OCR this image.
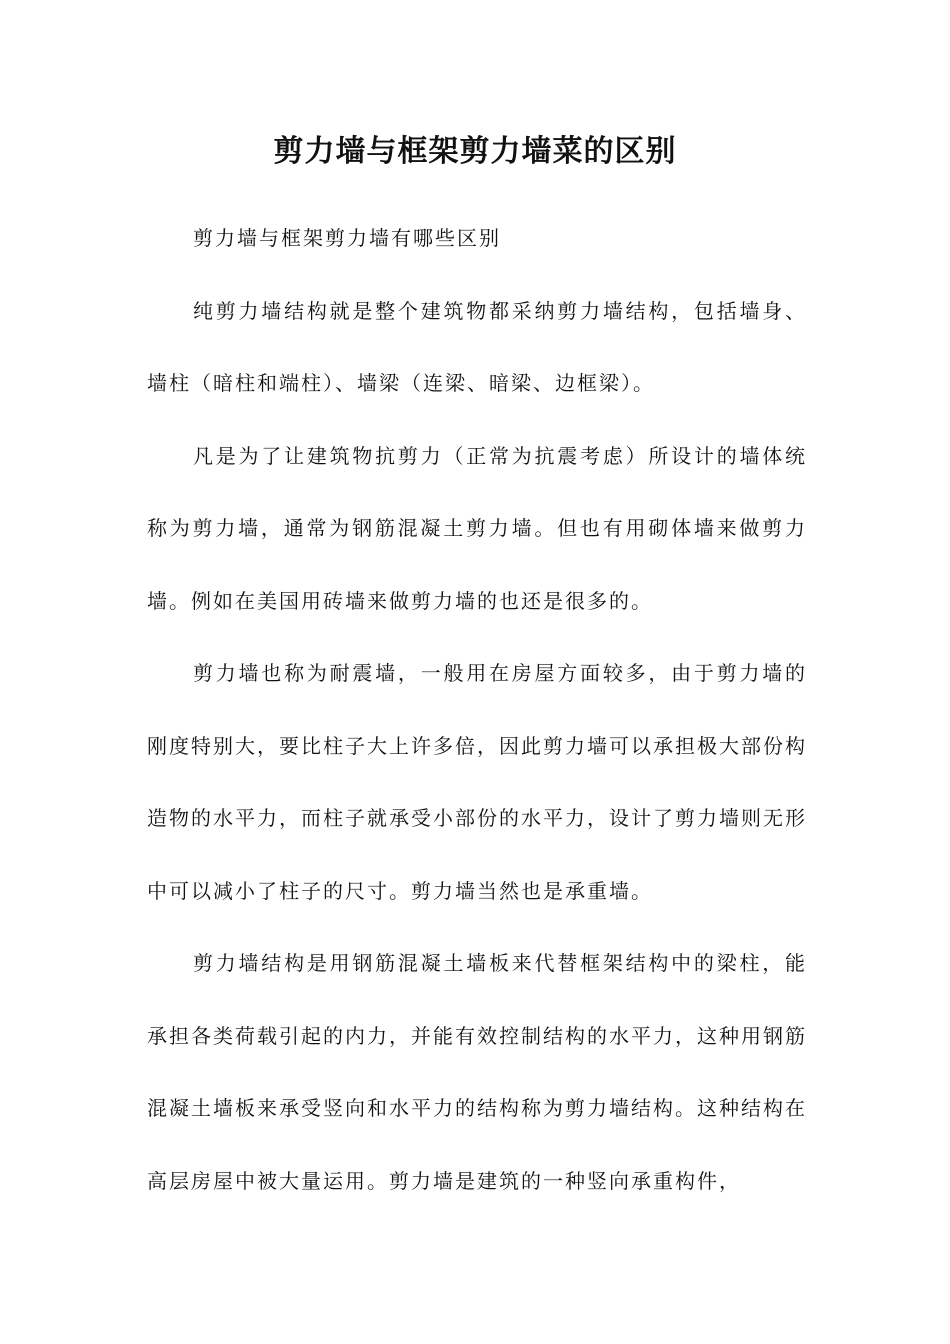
剪力墙与框架剪力墙菜的区别

剪力墙与框架剪力墙有哪些区别

纯剪力墙结构就是整个建筑物都采纳剪力墙结构，包括墙身、墙柱（暗柱和端柱）、墙梁（连梁、暗梁、边框梁）。

凡是为了让建筑物抗剪力（正常为抗震考虑）所设计的墙体统称为剪力墙，通常为钢筋混凝土剪力墙。但也有用砌体墙来做剪力墙。例如在美国用砖墙来做剪力墙的也还是很多的。

剪力墙也称为耐震墙，一般用在房屋方面较多，由于剪力墙的刚度特别大，要比柱子大上许多倍，因此剪力墙可以承担极大部份构造物的水平力，而柱子就承受小部份的水平力，设计了剪力墙则无形中可以减小了柱子的尺寸。剪力墙当然也是承重墙。

剪力墙结构是用钢筋混凝土墙板来代替框架结构中的梁柱，能承担各类荷载引起的内力，并能有效控制结构的水平力，这种用钢筋混凝土墙板来承受竖向和水平力的结构称为剪力墙结构。这种结构在高层房屋中被大量运用。剪力墙是建筑的一种竖向承重构件，
